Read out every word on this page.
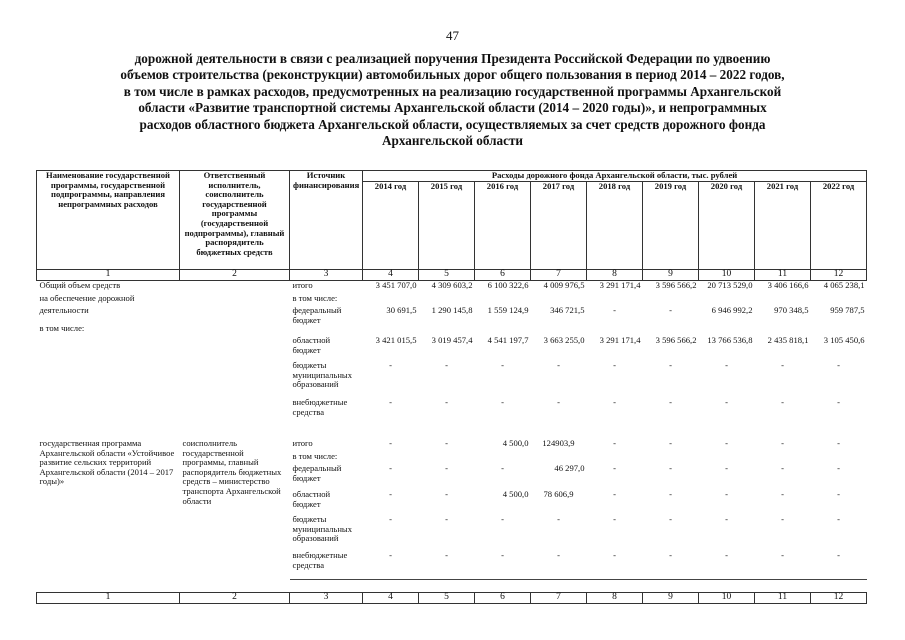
47
дорожной деятельности в связи с реализацией поручения Президента Российской Федерации по удвоению
объемов строительства (реконструкции) автомобильных дорог общего пользования в период 2014 – 2022 годов,
в том числе в рамках расходов, предусмотренных на реализацию государственной программы Архангельской
области «Развитие транспортной системы Архангельской области (2014 – 2020 годы)», и непрограммных
расходов областного бюджета Архангельской области, осуществляемых за счет средств дорожного фонда
Архангельской области
Наименование государственной программы, государственной подпрограммы, направления непрограммных расходов	Ответственный исполнитель, соисполнитель государственной программы (государственной подпрограммы), главный распорядитель бюджетных средств	Источник финансирования	Расходы дорожного фонда Архангельской области, тыс. рублей								
			2014 год	2015 год	2016 год	2017 год	2018 год	2019 год	2020 год	2021 год	2022 год
1	2	3	4	5	6	7	8	9	10	11	12
Общий объем средств		итого	3 451 707,0	4 309 603,2	6 100 322,6	4 009 976,5	3 291 171,4	3 596 566,2	20 713 529,0	3 406 166,6	4 065 238,1
на обеспечение дорожной		в том числе:									
деятельности		федеральный бюджет	30 691,5	1 290 145,8	1 559 124,9	346 721,5	-	-	6 946 992,2	970 348,5	959 787,5
в том числе:		областной бюджет	3 421 015,5	3 019 457,4	4 541 197,7	3 663 255,0	3 291 171,4	3 596 566,2	13 766 536,8	2 435 818,1	3 105 450,6
		бюджеты муниципальных образований	-	-	-	-	-	-	-	-	-
		внебюджетные средства	-	-	-	-	-	-	-	-	-

государственная программа Архангельской области «Устойчивое развитие сельских территорий Архангельской области (2014 – 2017 годы)»	соисполнитель государственной программы, главный распорядитель бюджетных средств – министерство транспорта Архангельской области	итого	-	-	4 500,0	124903,9	-	-	-	-	-
		в том числе:									
		федеральный бюджет	-	-	-	46 297,0	-	-	-	-	-
		областной бюджет	-	-	4 500,0	78 606,9	-	-	-	-	-
		бюджеты муниципальных образований	-	-	-	-	-	-	-	-	-
		внебюджетные средства	-	-	-	-	-	-	-	-	-

1	2	3	4	5	6	7	8	9	10	11	12
